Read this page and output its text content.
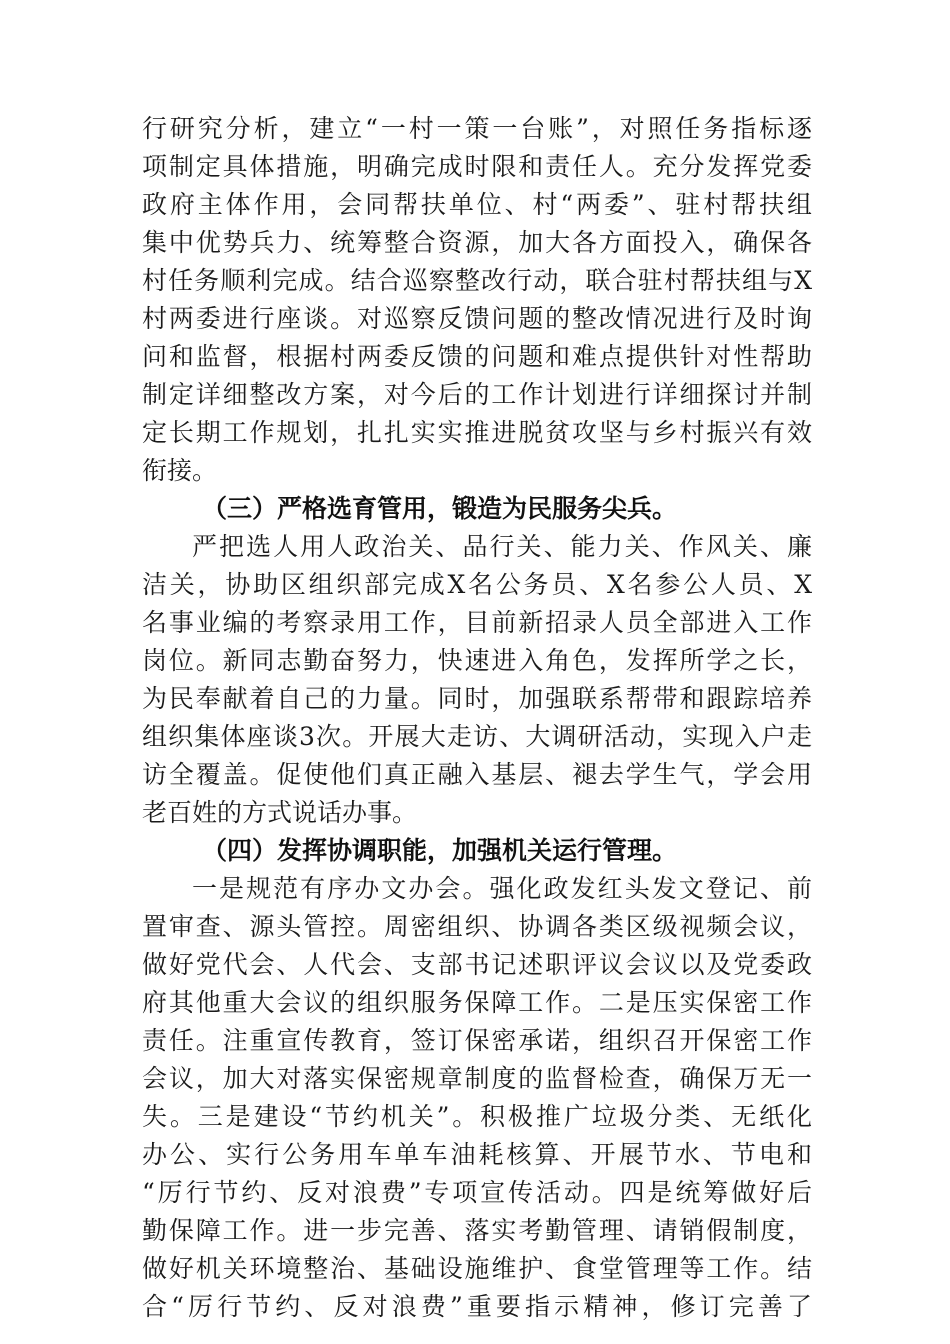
行研究分析，建立“一村一策一台账”，对照任务指标逐
项制定具体措施，明确完成时限和责任人。充分发挥党委
政府主体作用，会同帮扶单位、村“两委”、驻村帮扶组
集中优势兵力、统筹整合资源，加大各方面投入，确保各
村任务顺利完成。结合巡察整改行动，联合驻村帮扶组与X
村两委进行座谈。对巡察反馈问题的整改情况进行及时询
问和监督，根据村两委反馈的问题和难点提供针对性帮助
制定详细整改方案，对今后的工作计划进行详细探讨并制
定长期工作规划，扎扎实实推进脱贫攻坚与乡村振兴有效
衔接。
（三）严格选育管用，锻造为民服务尖兵。
严把选人用人政治关、品行关、能力关、作风关、廉
洁关，协助区组织部完成X名公务员、X名参公人员、X
名事业编的考察录用工作，目前新招录人员全部进入工作
岗位。新同志勤奋努力，快速进入角色，发挥所学之长，
为民奉献着自己的力量。同时，加强联系帮带和跟踪培养
组织集体座谈3次。开展大走访、大调研活动，实现入户走
访全覆盖。促使他们真正融入基层、褪去学生气，学会用
老百姓的方式说话办事。
（四）发挥协调职能，加强机关运行管理。
一是规范有序办文办会。强化政发红头发文登记、前
置审查、源头管控。周密组织、协调各类区级视频会议，
做好党代会、人代会、支部书记述职评议会议以及党委政
府其他重大会议的组织服务保障工作。二是压实保密工作
责任。注重宣传教育，签订保密承诺，组织召开保密工作
会议，加大对落实保密规章制度的监督检查，确保万无一
失。三是建设“节约机关”。积极推广垃圾分类、无纸化
办公、实行公务用车单车油耗核算、开展节水、节电和
“厉行节约、反对浪费”专项宣传活动。四是统筹做好后
勤保障工作。进一步完善、落实考勤管理、请销假制度，
做好机关环境整治、基础设施维护、食堂管理等工作。结
合“厉行节约、反对浪费”重要指示精神，修订完善了
